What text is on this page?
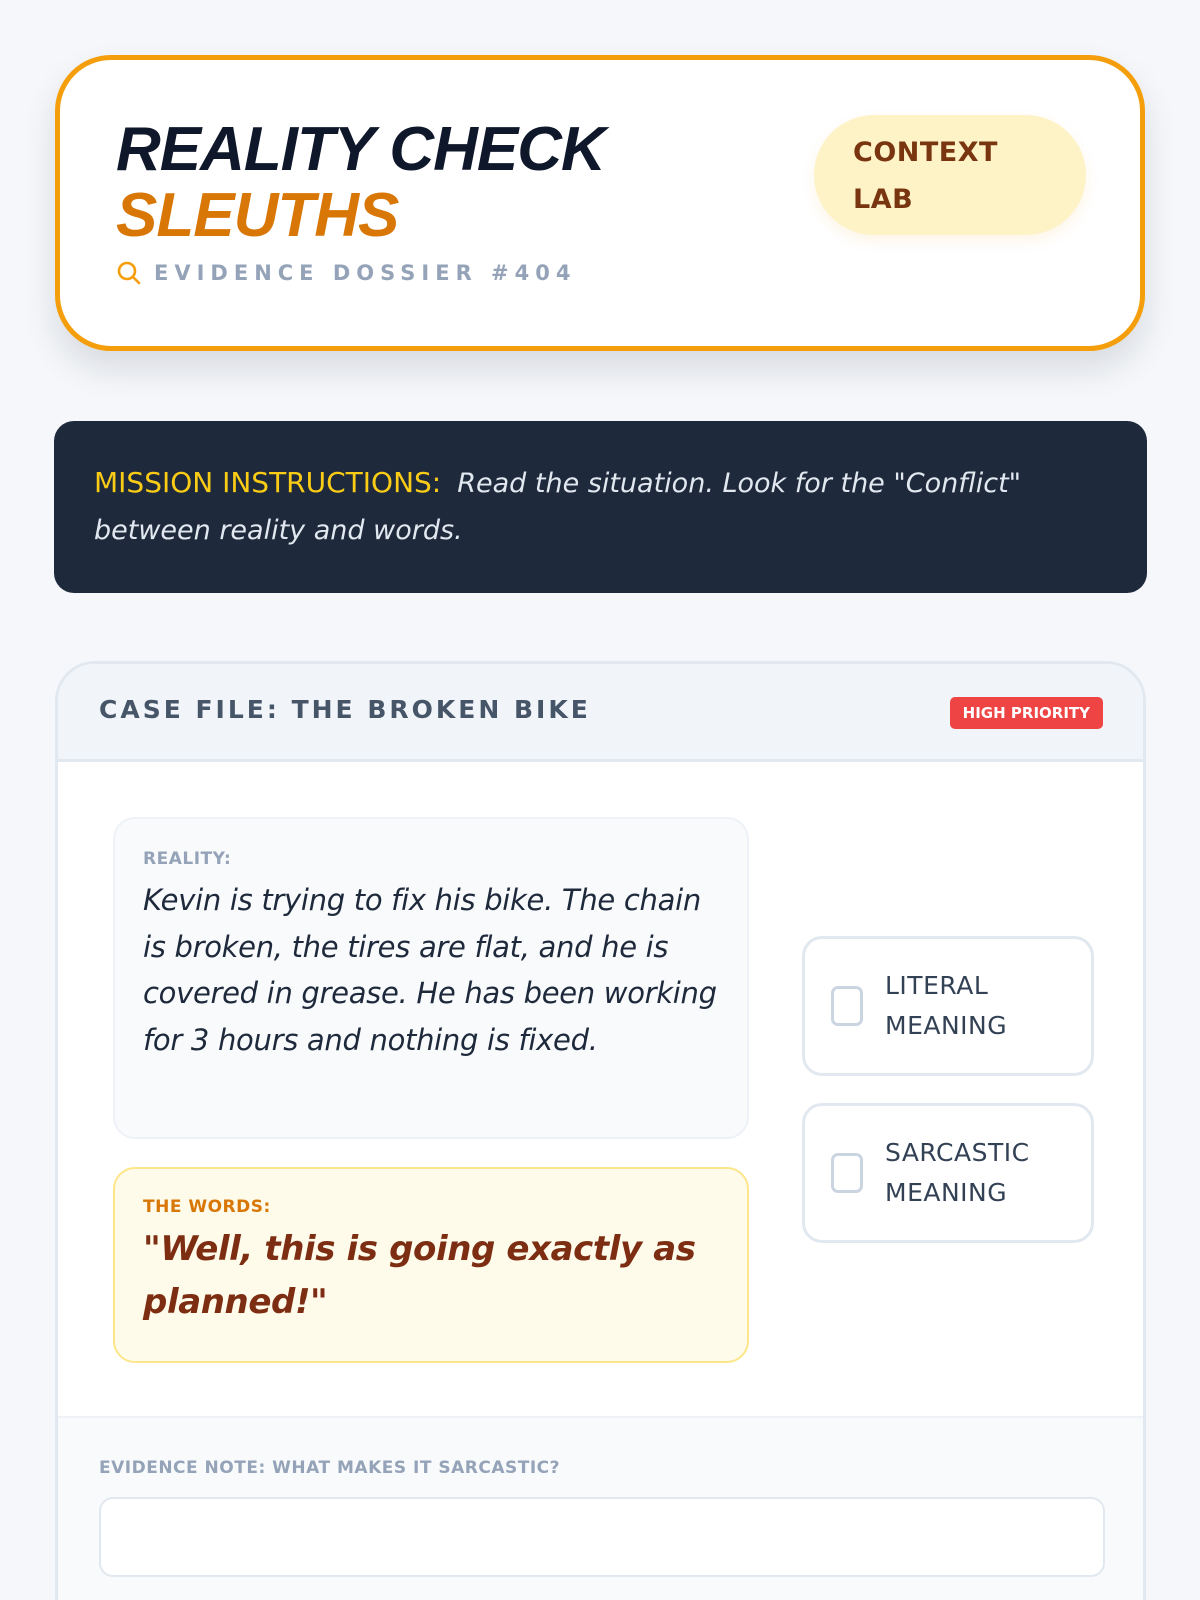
REALITY CHECK
SLEUTHS
EVIDENCE DOSSIER #404
CONTEXT
LAB
MISSION INSTRUCTIONS: Read the situation. Look for the "Conflict" between reality and words.
CASE FILE: THE BROKEN BIKE	HIGH PRIORITY
REALITY:
Kevin is trying to fix his bike. The chain is broken, the tires are flat, and he is covered in grease. He has been working for 3 hours and nothing is fixed.
THE WORDS:
"Well, this is going exactly as planned!"
LITERAL MEANING
SARCASTIC MEANING
EVIDENCE NOTE: WHAT MAKES IT SARCASTIC?
